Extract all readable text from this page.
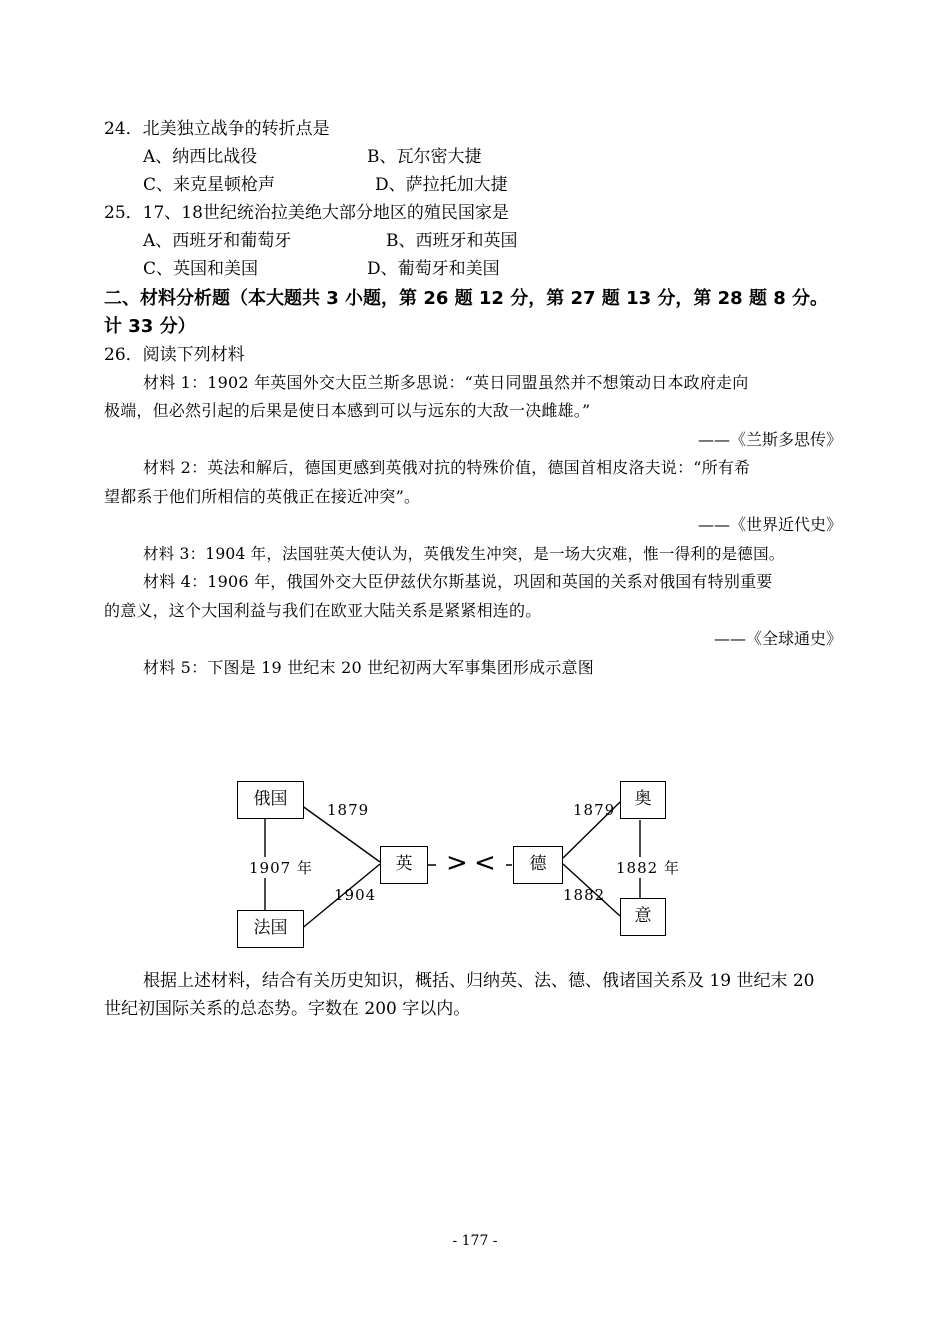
24．北美独立战争的转折点是
A、纳西比战役	B、瓦尔密大捷
C、来克星顿枪声	D、萨拉托加大捷
25．17、18世纪统治拉美绝大部分地区的殖民国家是
A、西班牙和葡萄牙	B、西班牙和英国
C、英国和美国	D、葡萄牙和美国
二、材料分析题（本大题共 3 小题，第 26 题 12 分，第 27 题 13 分，第 28 题 8 分。
计 33 分）
26．阅读下列材料
材料 1：1902 年英国外交大臣兰斯多思说：“英日同盟虽然并不想策动日本政府走向
极端，但必然引起的后果是使日本感到可以与远东的大敌一决雌雄。”
——《兰斯多思传》
材料 2：英法和解后，德国更感到英俄对抗的特殊价值，德国首相皮洛夫说：“所有希
望都系于他们所相信的英俄正在接近冲突”。
——《世界近代史》
材料 3：1904 年，法国驻英大使认为，英俄发生冲突，是一场大灾难，惟一得利的是德国。
材料 4：1906 年，俄国外交大臣伊兹伏尔斯基说，巩固和英国的关系对俄国有特别重要
的意义，这个大国利益与我们在欧亚大陆关系是紧紧相连的。
——《全球通史》
材料 5：下图是 19 世纪末 20 世纪初两大军事集团形成示意图
俄国
法国
英	德
奥
意
1879
1907 年
1904
1879
1882 年
1882
> <
根据上述材料，结合有关历史知识，概括、归纳英、法、德、俄诸国关系及 19 世纪末 20
世纪初国际关系的总态势。字数在 200 字以内。
- 177 -
